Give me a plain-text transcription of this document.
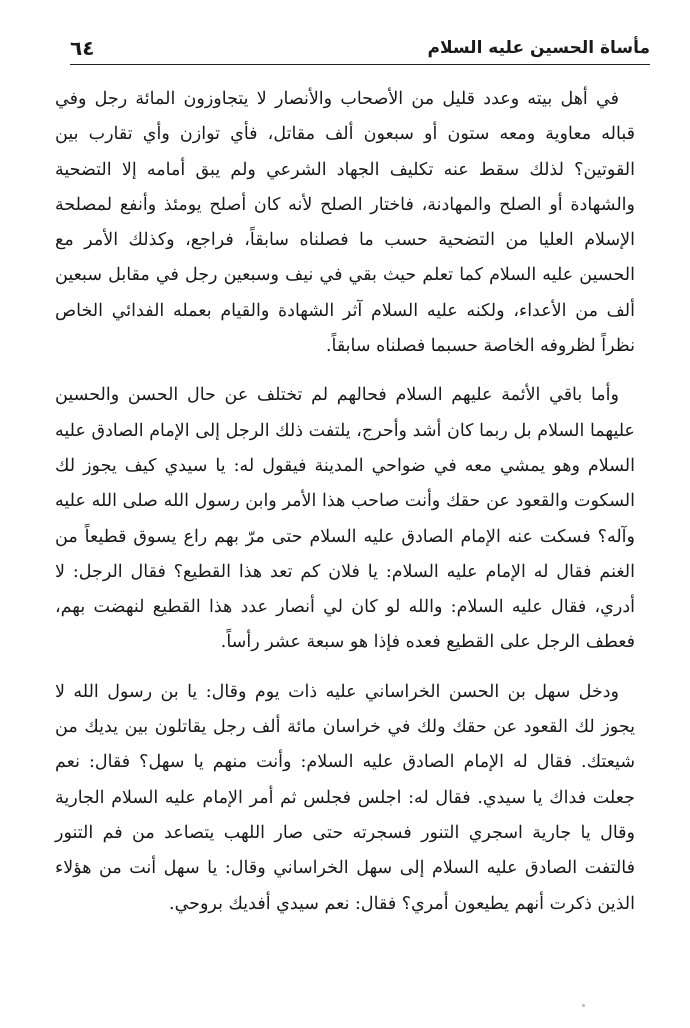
مأساة الحسين عليه السلام
٦٤

في أهل بيته وعدد قليل من الأصحاب والأنصار لا يتجاوزون المائة رجل وفي قباله معاوية ومعه ستون أو سبعون ألف مقاتل، فأي توازن وأي تقارب بين القوتين؟ لذلك سقط عنه تكليف الجهاد الشرعي ولم يبق أمامه إلا التضحية والشهادة أو الصلح والمهادنة، فاختار الصلح لأنه كان أصلح يومئذ وأنفع لمصلحة الإسلام العليا من التضحية حسب ما فصلناه سابقاً، فراجع، وكذلك الأمر مع الحسين عليه السلام كما تعلم حيث بقي في نيف وسبعين رجل في مقابل سبعين ألف من الأعداء، ولكنه عليه السلام آثر الشهادة والقيام بعمله الفدائي الخاص نظراً لظروفه الخاصة حسبما فصلناه سابقاً.

وأما باقي الأئمة عليهم السلام فحالهم لم تختلف عن حال الحسن والحسين عليهما السلام بل ربما كان أشد وأحرج، يلتفت ذلك الرجل إلى الإمام الصادق عليه السلام وهو يمشي معه في ضواحي المدينة فيقول له: يا سيدي كيف يجوز لك السكوت والقعود عن حقك وأنت صاحب هذا الأمر وابن رسول الله صلى الله عليه وآله؟ فسكت عنه الإمام الصادق عليه السلام حتى مرّ بهم راع يسوق قطيعاً من الغنم فقال له الإمام عليه السلام: يا فلان كم تعد هذا القطيع؟ فقال الرجل: لا أدري، فقال عليه السلام: والله لو كان لي أنصار عدد هذا القطيع لنهضت بهم، فعطف الرجل على القطيع فعده فإذا هو سبعة عشر رأساً.

ودخل سهل بن الحسن الخراساني عليه ذات يوم وقال: يا بن رسول الله لا يجوز لك القعود عن حقك ولك في خراسان مائة ألف رجل يقاتلون بين يديك من شيعتك. فقال له الإمام الصادق عليه السلام: وأنت منهم يا سهل؟ فقال: نعم جعلت فداك يا سيدي. فقال له: اجلس فجلس ثم أمر الإمام عليه السلام الجارية وقال يا جارية اسجري التنور فسجرته حتى صار اللهب يتصاعد من فم التنور فالتفت الصادق عليه السلام إلى سهل الخراساني وقال: يا سهل أنت من هؤلاء الذين ذكرت أنهم يطيعون أمري؟ فقال: نعم سيدي أفديك بروحي.
